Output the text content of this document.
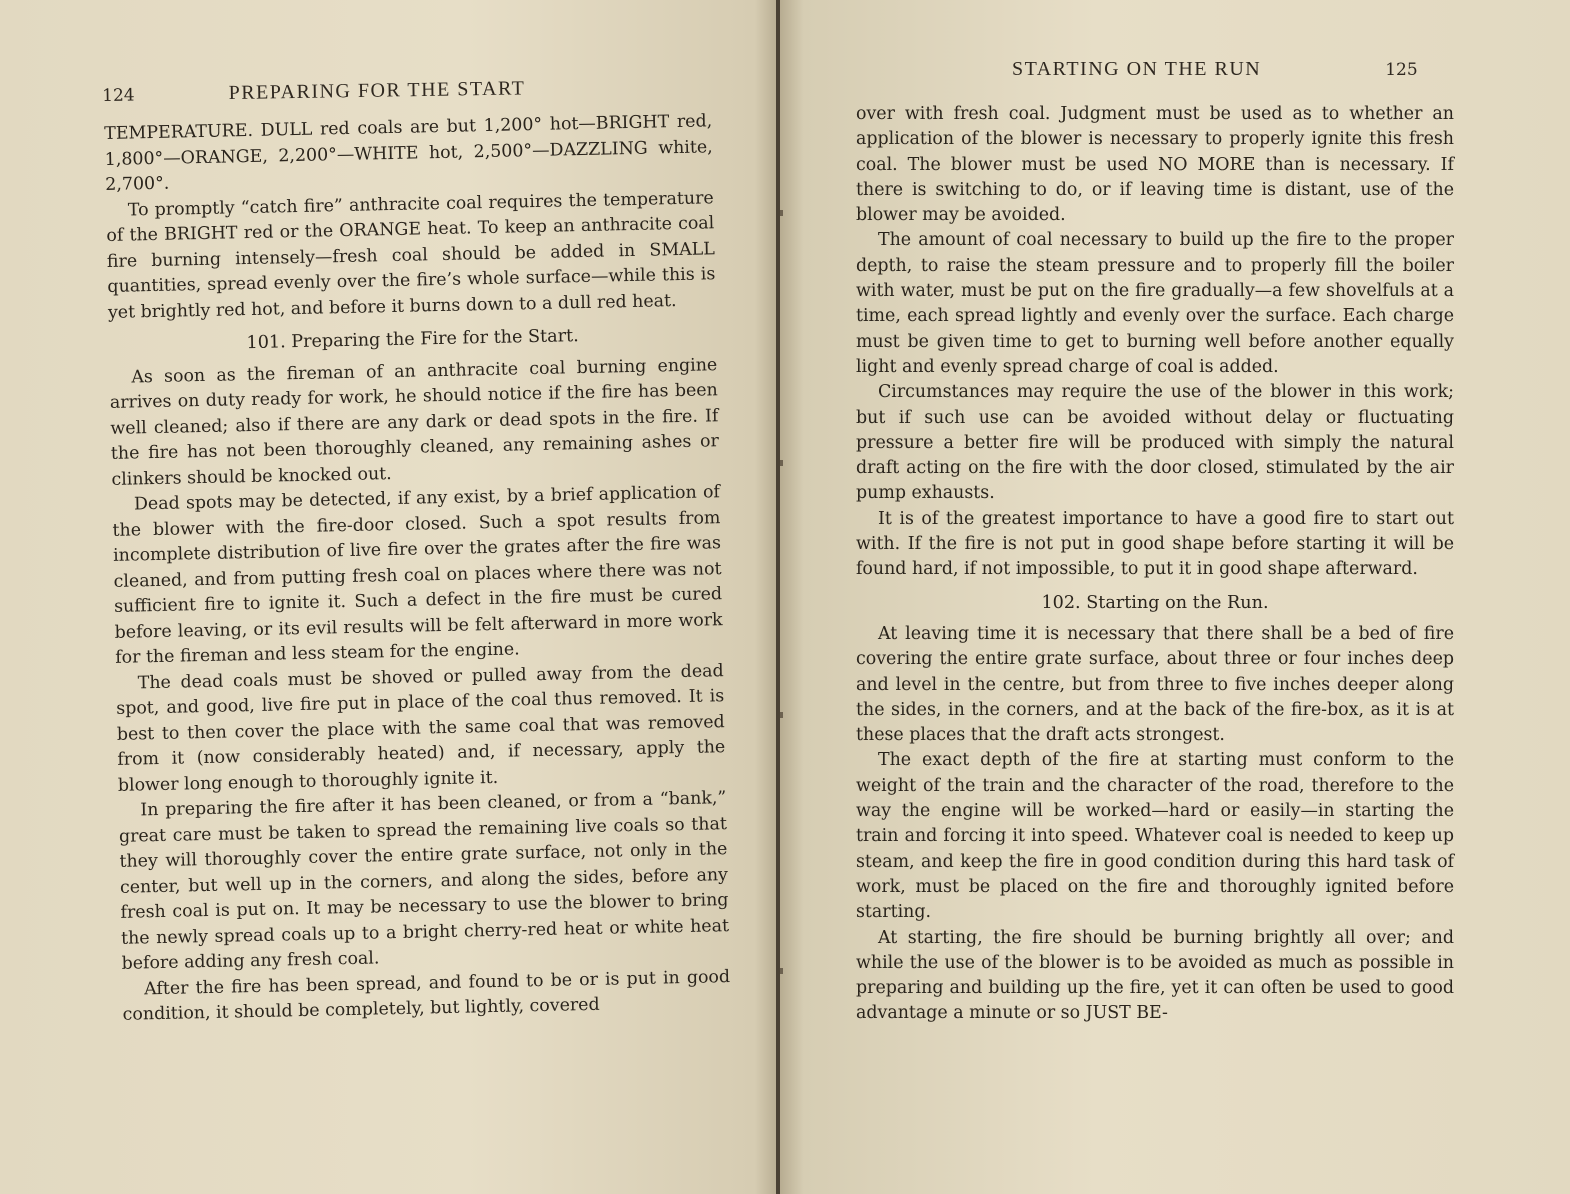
124	PREPARING FOR THE START

TEMPERATURE. DULL red coals are but 1,200° hot—BRIGHT red, 1,800°—ORANGE, 2,200°—WHITE hot, 2,500°—DAZZLING white, 2,700°.

To promptly “catch fire” anthracite coal requires the temperature of the BRIGHT red or the ORANGE heat. To keep an anthracite coal fire burning intensely—fresh coal should be added in SMALL quantities, spread evenly over the fire’s whole surface—while this is yet brightly red hot, and before it burns down to a dull red heat.

101. Preparing the Fire for the Start.

As soon as the fireman of an anthracite coal burning engine arrives on duty ready for work, he should notice if the fire has been well cleaned; also if there are any dark or dead spots in the fire. If the fire has not been thoroughly cleaned, any remaining ashes or clinkers should be knocked out.

Dead spots may be detected, if any exist, by a brief application of the blower with the fire-door closed. Such a spot results from incomplete distribution of live fire over the grates after the fire was cleaned, and from putting fresh coal on places where there was not sufficient fire to ignite it. Such a defect in the fire must be cured before leaving, or its evil results will be felt afterward in more work for the fireman and less steam for the engine.

The dead coals must be shoved or pulled away from the dead spot, and good, live fire put in place of the coal thus removed. It is best to then cover the place with the same coal that was removed from it (now considerably heated) and, if necessary, apply the blower long enough to thoroughly ignite it.

In preparing the fire after it has been cleaned, or from a “bank,” great care must be taken to spread the remaining live coals so that they will thoroughly cover the entire grate surface, not only in the center, but well up in the corners, and along the sides, before any fresh coal is put on. It may be necessary to use the blower to bring the newly spread coals up to a bright cherry-red heat or white heat before adding any fresh coal.

After the fire has been spread, and found to be or is put in good condition, it should be completely, but lightly, covered

STARTING ON THE RUN	125

over with fresh coal. Judgment must be used as to whether an application of the blower is necessary to properly ignite this fresh coal. The blower must be used NO MORE than is necessary. If there is switching to do, or if leaving time is distant, use of the blower may be avoided.

The amount of coal necessary to build up the fire to the proper depth, to raise the steam pressure and to properly fill the boiler with water, must be put on the fire gradually—a few shovelfuls at a time, each spread lightly and evenly over the surface. Each charge must be given time to get to burning well before another equally light and evenly spread charge of coal is added.

Circumstances may require the use of the blower in this work; but if such use can be avoided without delay or fluctuating pressure a better fire will be produced with simply the natural draft acting on the fire with the door closed, stimulated by the air pump exhausts.

It is of the greatest importance to have a good fire to start out with. If the fire is not put in good shape before starting it will be found hard, if not impossible, to put it in good shape afterward.

102. Starting on the Run.

At leaving time it is necessary that there shall be a bed of fire covering the entire grate surface, about three or four inches deep and level in the centre, but from three to five inches deeper along the sides, in the corners, and at the back of the fire-box, as it is at these places that the draft acts strongest.

The exact depth of the fire at starting must conform to the weight of the train and the character of the road, therefore to the way the engine will be worked—hard or easily—in starting the train and forcing it into speed. Whatever coal is needed to keep up steam, and keep the fire in good condition during this hard task of work, must be placed on the fire and thoroughly ignited before starting.

At starting, the fire should be burning brightly all over; and while the use of the blower is to be avoided as much as possible in preparing and building up the fire, yet it can often be used to good advantage a minute or so JUST BE-
